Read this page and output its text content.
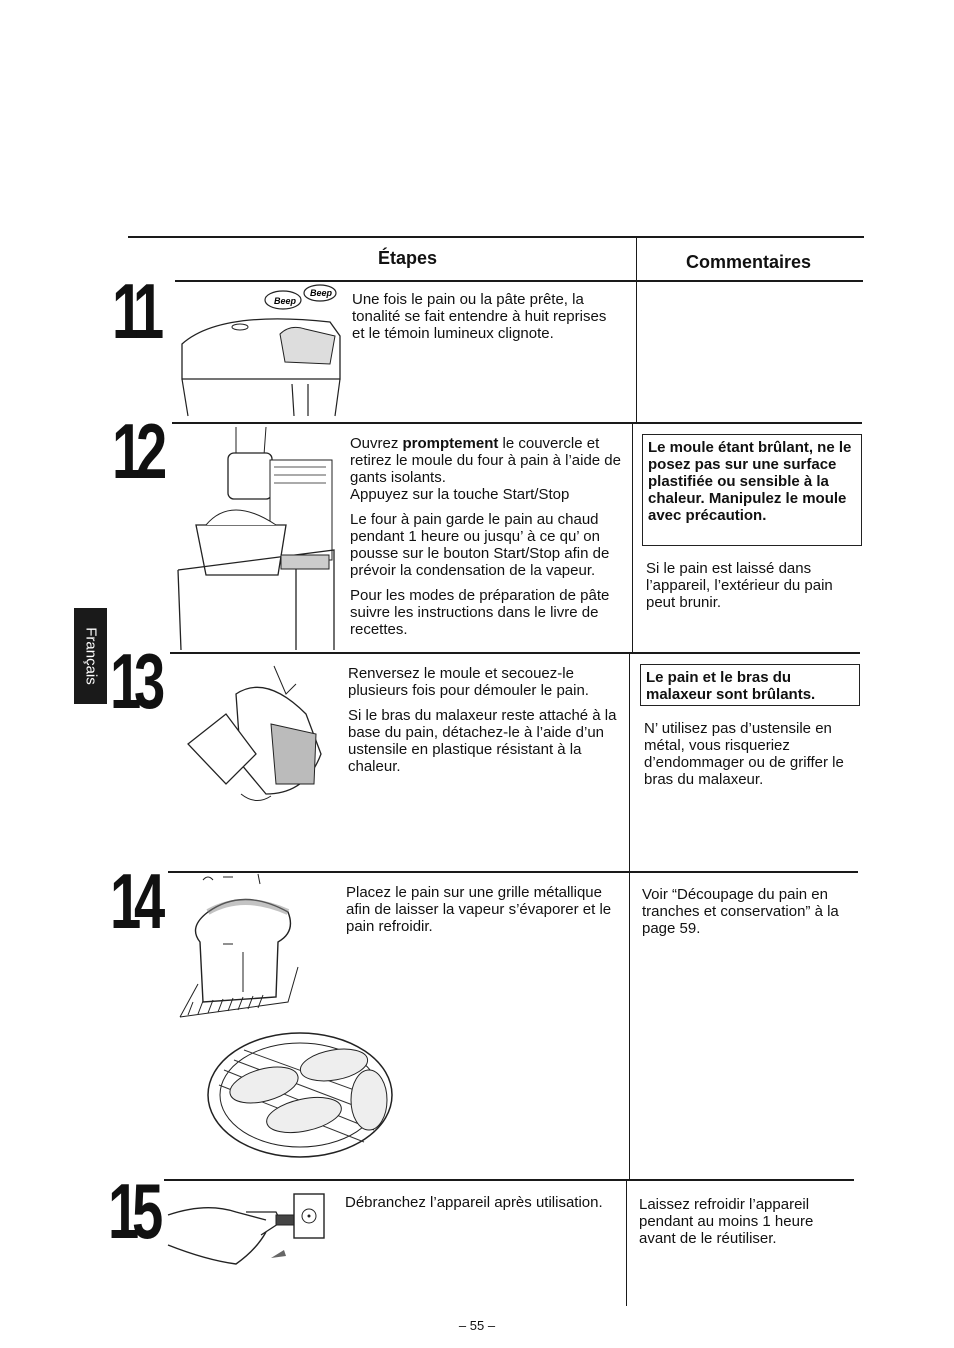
Étapes	Commentaires
Français
11
12
13
14
15
Beep
Beep Une fois le pain ou la pâte prête, la tonalité se fait entendre à huit reprises et le témoin lumineux clignote.

Ouvrez promptement le couvercle et retirez le moule du four à pain à l’aide de gants isolants.

Appuyez sur la touche Start/Stop

Le four à pain garde le pain au chaud pendant 1 heure ou jusqu’ à ce qu’ on pousse sur le bouton Start/Stop afin de prévoir la condensation de la vapeur.

Pour les modes de préparation de pâte suivre les instructions dans le livre de recettes.

Le moule étant brûlant, ne le posez pas sur une surface plastifiée ou sensible à la chaleur. Manipulez le moule avec précaution.
Si le pain est laissé dans l’appareil, l’extérieur du pain peut brunir.

Renversez le moule et secouez-le plusieurs fois pour démouler le pain.

Si le bras du malaxeur reste attaché à la base du pain, détachez-le à l’aide d’un ustensile en plastique résistant à la chaleur.

Le pain et le bras du malaxeur sont brûlants.
N’ utilisez pas d’ustensile en métal, vous risqueriez d’endommager ou de griffer le bras du malaxeur.
Placez le pain sur une grille métallique afin de laisser la vapeur s’évaporer et le pain refroidir.
Voir “Découpage du pain en tranches et conservation” à la page 59.
Débranchez l’appareil après utilisation.	Laissez refroidir l’appareil pendant au moins 1 heure avant de le réutiliser.
– 55 –
